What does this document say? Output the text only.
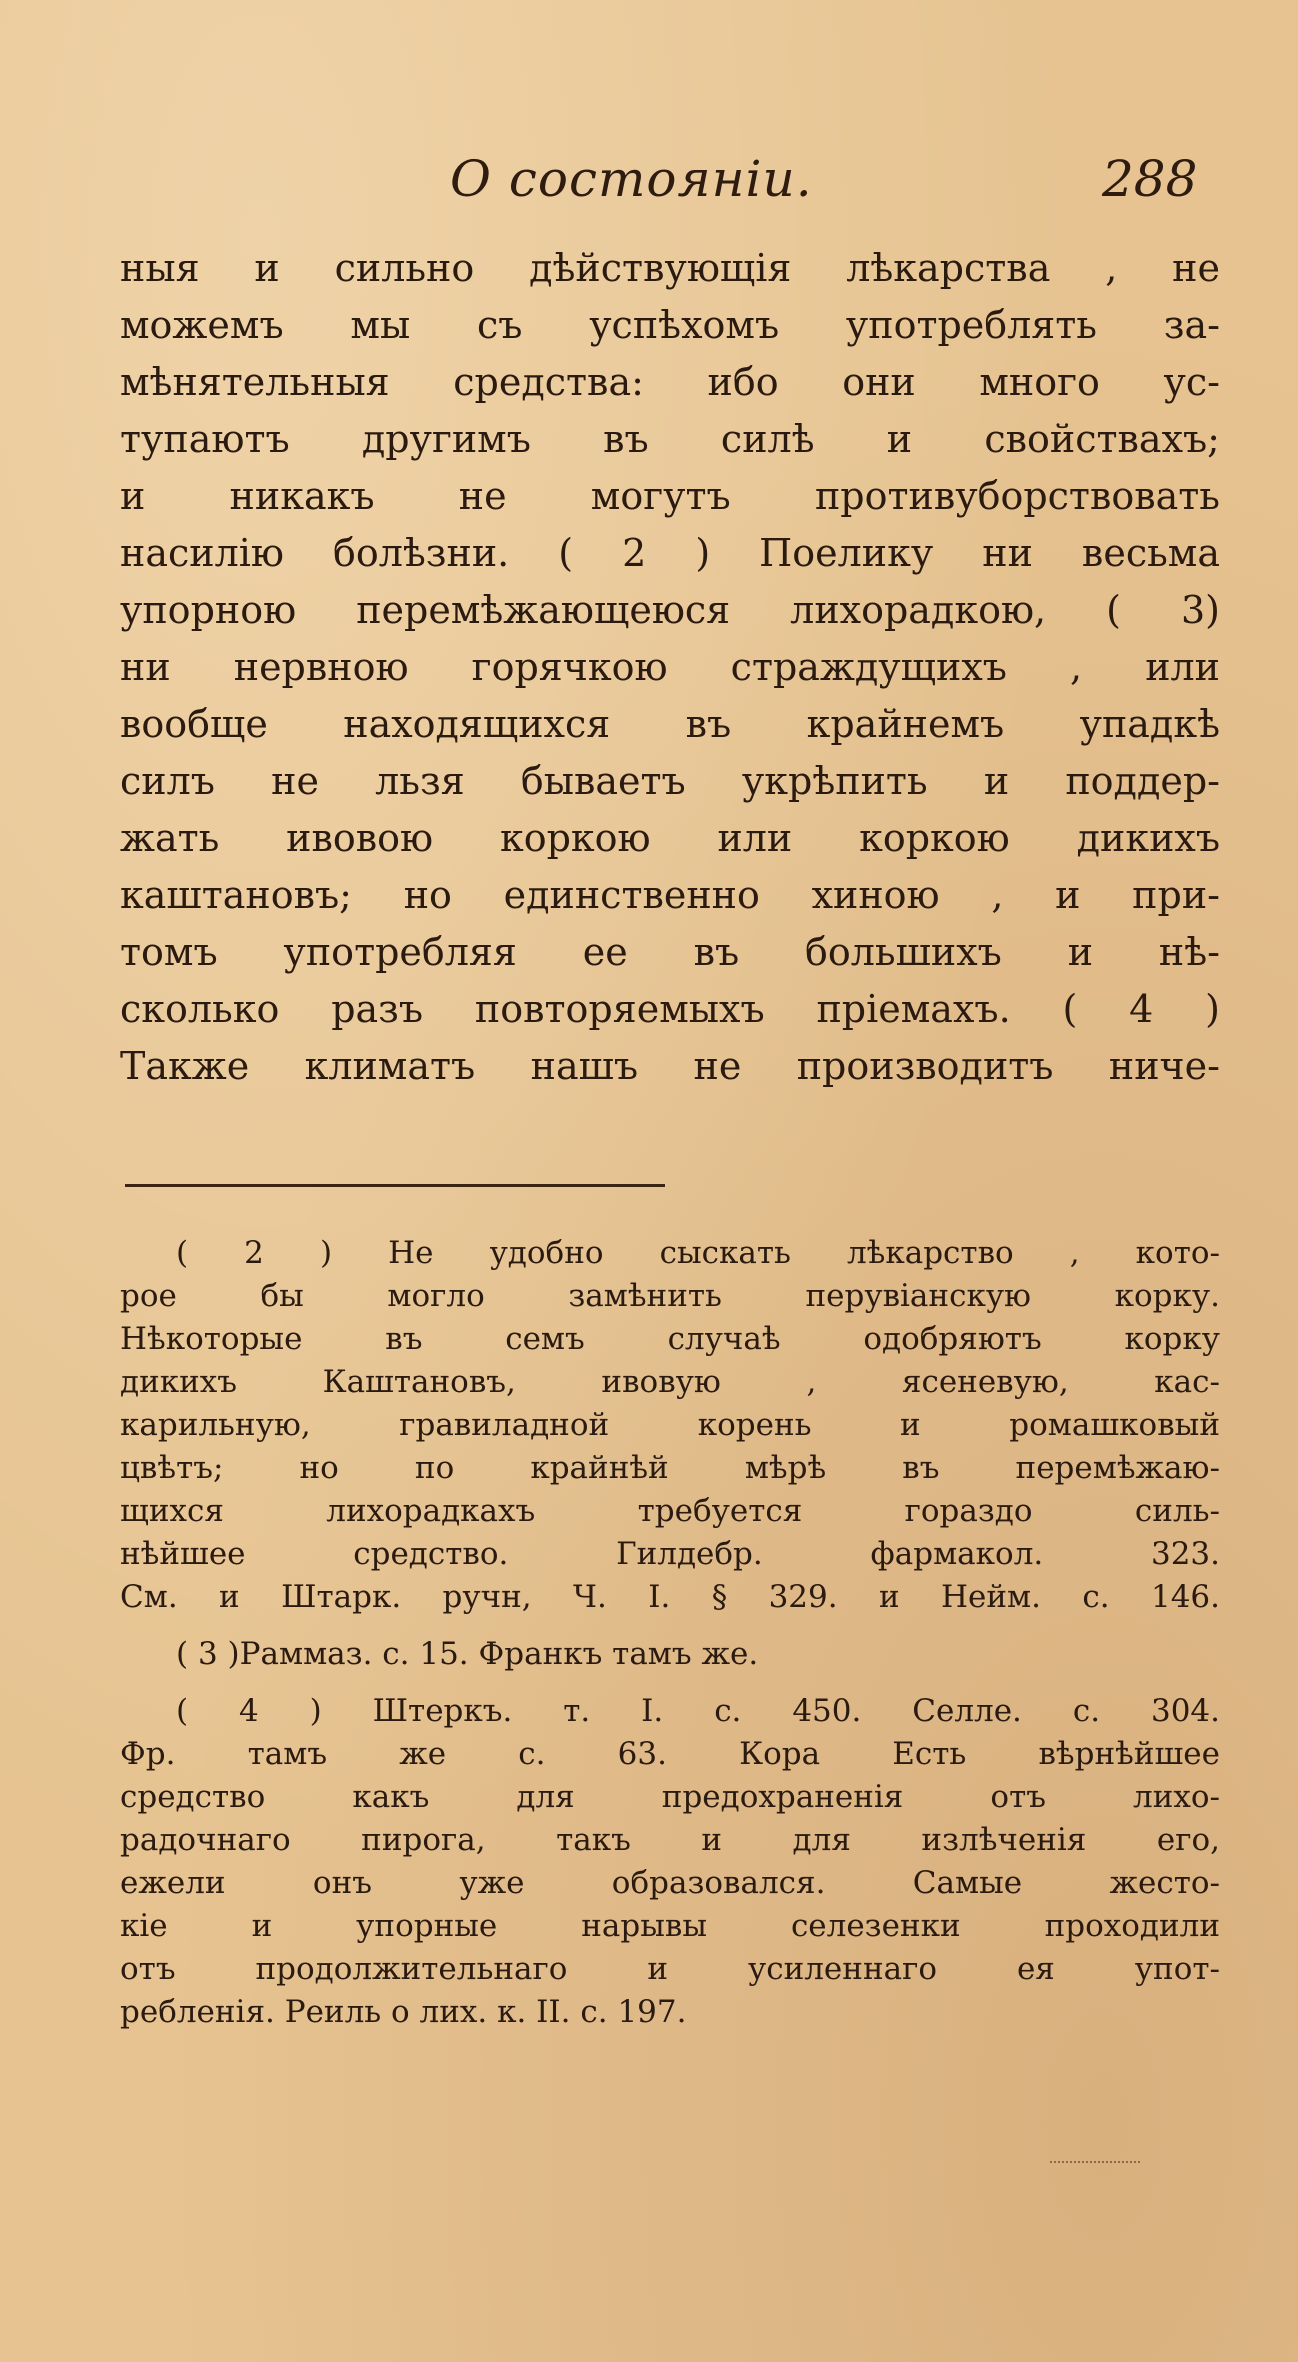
О состоянiи.	288
ныя и сильно дѣйствующiя лѣкарства , не
можемъ мы съ успѣхомъ употреблять за-
мѣнятельныя средства: ибо они много ус-
тупаютъ другимъ въ силѣ и свойствахъ;
и никакъ не могутъ противуборствовать
насилiю болѣзни. ( 2 ) Поелику ни весьма
упорною перемѣжающеюся лихорадкою, ( 3)
ни нервною горячкою страждущихъ , или
вообще находящихся въ крайнемъ упадкѣ
силъ не льзя бываетъ укрѣпить и поддер-
жать ивовою коркою или коркою дикихъ
каштановъ; но единственно хиною , и при-
томъ употребляя ее въ большихъ и нѣ-
сколько разъ повторяемыхъ прiемахъ. ( 4 )
Также климатъ нашъ не производитъ ниче-
( 2 ) Не удобно сыскать лѣкарство , кото-
рое бы могло замѣнить перувiанскую корку.
Нѣкоторые въ семъ случаѣ одобряютъ корку
дикихъ Каштановъ, ивовую , ясеневую, кас-
карильную, гравиладной корень и ромашковый
цвѣтъ; но по крайнѣй мѣрѣ въ перемѣжаю-
щихся лихорадкахъ требуется гораздо силь-
нѣйшее средство. Гилдебр. фармакол. 323.
См. и Штарк. ручн, Ч. I. § 329. и Нейм. с. 146.
( 3 )Раммаз. с. 15. Франкъ тамъ же.
( 4 ) Штеркъ. т. I. с. 450. Селле. с. 304.
Фр. тамъ же с. 63. Кора Есть вѣрнѣйшее
средство какъ для предохраненiя отъ лихо-
радочнаго пирога, такъ и для излѣченiя его,
ежели онъ уже образовался. Самые жестo-
кiе и упорные нарывы селезенки проходили
отъ продолжительнаго и усиленнаго ея упот-
ребленiя. Реиль о лих. к. II. с. 197.
